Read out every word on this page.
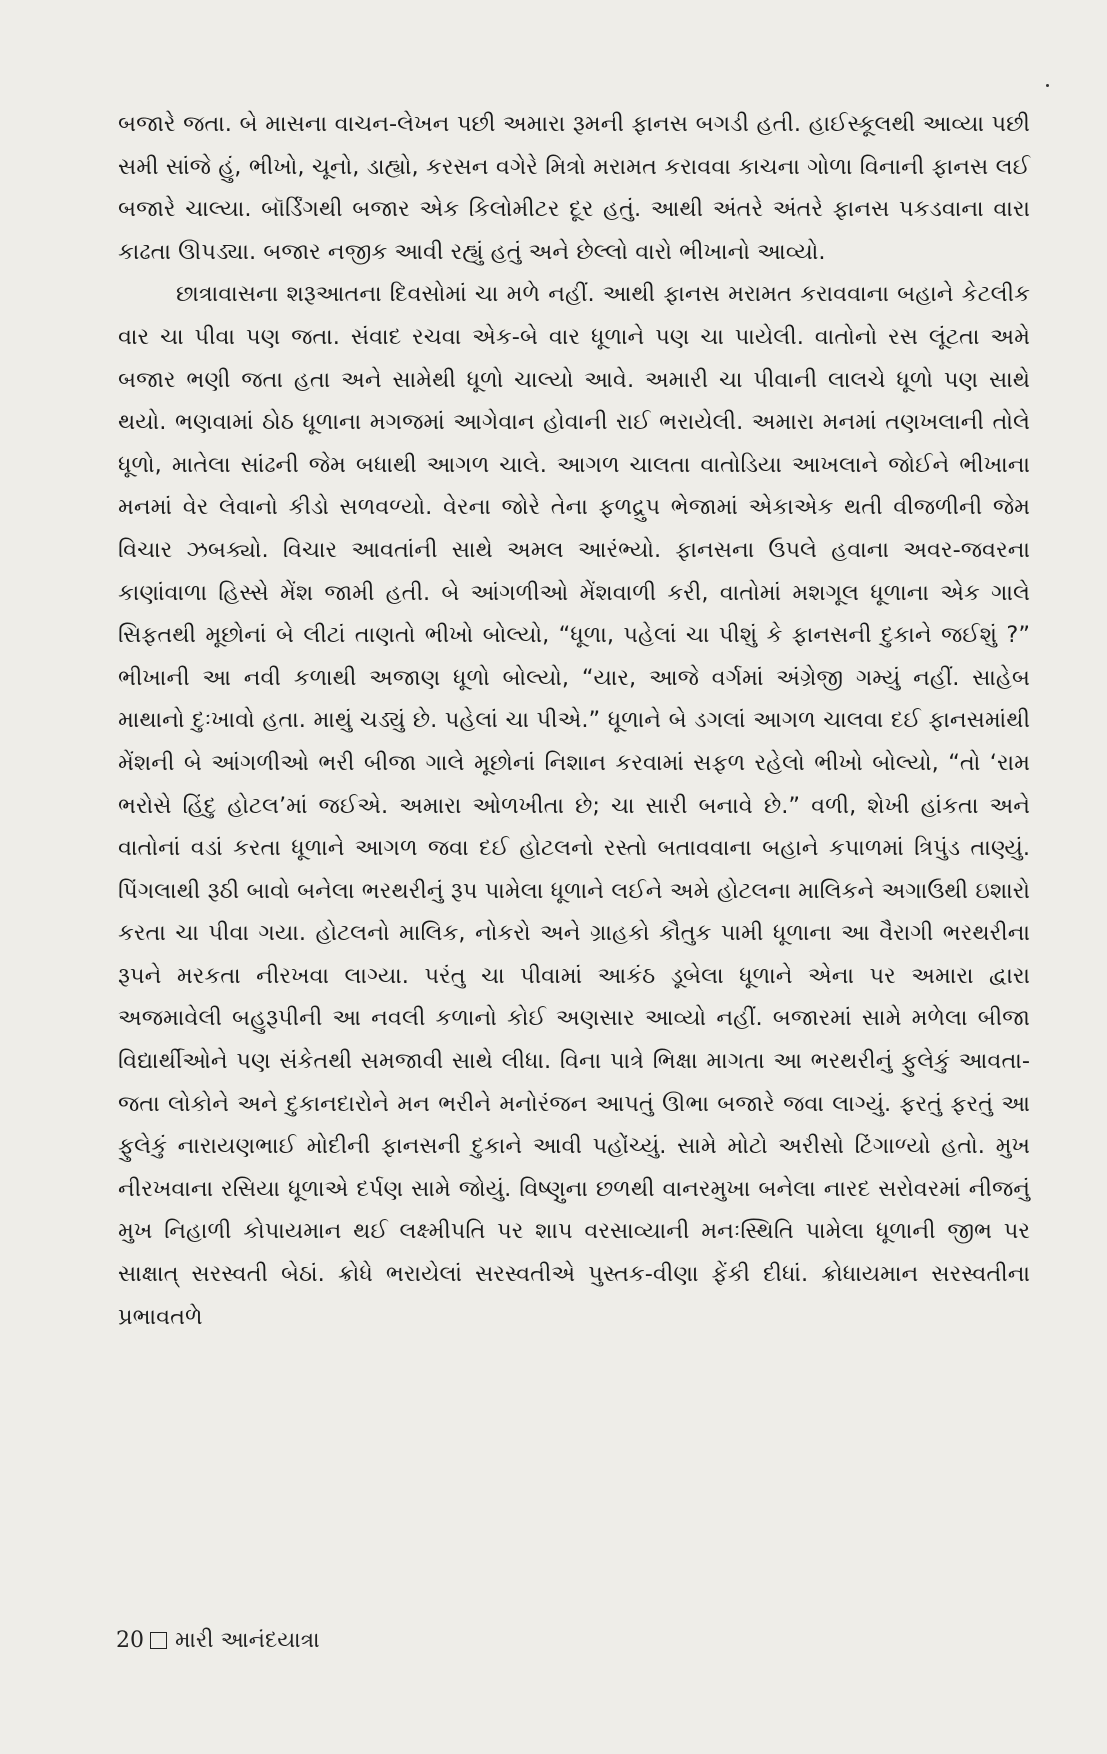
બજારે જતા. બે માસના વાચન-લેખન પછી અમારા રૂમની ફાનસ બગડી હતી. હાઈસ્કૂલથી આવ્યા પછી સમી સાંજે હું, ભીખો, ચૂનો, ડાહ્યો, કરસન વગેરે મિત્રો મરામત કરાવવા કાચના ગોળા વિનાની ફાનસ લઈ બજારે ચાલ્યા. બૉર્ડિંગથી બજાર એક કિલોમીટર દૂર હતું. આથી અંતરે અંતરે ફાનસ પકડવાના વારા કાઢતા ઊપડ્યા. બજાર નજીક આવી રહ્યું હતું અને છેલ્લો વારો ભીખાનો આવ્યો.

છાત્રાવાસના શરૂઆતના દિવસોમાં ચા મળે નહીં. આથી ફાનસ મરામત કરાવવાના બહાને કેટલીક વાર ચા પીવા પણ જતા. સંવાદ રચવા એક-બે વાર ધૂળાને પણ ચા પાયેલી. વાતોનો રસ લૂંટતા અમે બજાર ભણી જતા હતા અને સામેથી ધૂળો ચાલ્યો આવે. અમારી ચા પીવાની લાલચે ધૂળો પણ સાથે થયો. ભણવામાં ઠોઠ ધૂળાના મગજમાં આગેવાન હોવાની રાઈ ભરાયેલી. અમારા મનમાં તણખલાની તોલે ધૂળો, માતેલા સાંઢની જેમ બધાથી આગળ ચાલે. આગળ ચાલતા વાતોડિયા આખલાને જોઈને ભીખાના મનમાં વેર લેવાનો કીડો સળવળ્યો. વેરના જોરે તેના ફળદ્રુપ ભેજામાં એકાએક થતી વીજળીની જેમ વિચાર ઝબક્યો. વિચાર આવતાંની સાથે અમલ આરંભ્યો. ફાનસના ઉપલે હવાના અવર-જવરના કાણાંવાળા હિસ્સે મેંશ જામી હતી. બે આંગળીઓ મેંશવાળી કરી, વાતોમાં મશગૂલ ધૂળાના એક ગાલે સિફતથી મૂછોનાં બે લીટાં તાણતો ભીખો બોલ્યો, “ધૂળા, પહેલાં ચા પીશું કે ફાનસની દુકાને જઈશું ?” ભીખાની આ નવી કળાથી અજાણ ધૂળો બોલ્યો, “યાર, આજે વર્ગમાં અંગ્રેજી ગમ્યું નહીં. સાહેબ માથાનો દુઃખાવો હતા. માથું ચડ્યું છે. પહેલાં ચા પીએ.” ધૂળાને બે ડગલાં આગળ ચાલવા દઈ ફાનસમાંથી મેંશની બે આંગળીઓ ભરી બીજા ગાલે મૂછોનાં નિશાન કરવામાં સફળ રહેલો ભીખો બોલ્યો, “તો ‘રામ ભરોસે હિંદુ હોટલ’માં જઈએ. અમારા ઓળખીતા છે; ચા સારી બનાવે છે.” વળી, શેખી હાંકતા અને વાતોનાં વડાં કરતા ધૂળાને આગળ જવા દઈ હોટલનો રસ્તો બતાવવાના બહાને કપાળમાં ત્રિપુંડ તાણ્યું. પિંગલાથી રૂઠી બાવો બનેલા ભરથરીનું રૂપ પામેલા ધૂળાને લઈને અમે હોટલના માલિકને અગાઉથી ઇશારો કરતા ચા પીવા ગયા. હોટલનો માલિક, નોકરો અને ગ્રાહકો કૌતુક પામી ધૂળાના આ વૈરાગી ભરથરીના રૂપને મરકતા નીરખવા લાગ્યા. પરંતુ ચા પીવામાં આકંઠ ડૂબેલા ધૂળાને એના પર અમારા દ્વારા અજમાવેલી બહુરૂપીની આ નવલી કળાનો કોઈ અણસાર આવ્યો નહીં. બજારમાં સામે મળેલા બીજા વિદ્યાર્થીઓને પણ સંકેતથી સમજાવી સાથે લીધા. વિના પાત્રે ભિક્ષા માગતા આ ભરથરીનું ફુલેકું આવતા-જતા લોકોને અને દુકાનદારોને મન ભરીને મનોરંજન આપતું ઊભા બજારે જવા લાગ્યું. ફરતું ફરતું આ ફુલેકું નારાયણભાઈ મોદીની ફાનસની દુકાને આવી પહોંચ્યું. સામે મોટો અરીસો ટિંગાળ્યો હતો. મુખ નીરખવાના રસિયા ધૂળાએ દર્પણ સામે જોયું. વિષ્ણુના છળથી વાનરમુખા બનેલા નારદ સરોવરમાં નીજનું મુખ નિહાળી કોપાયમાન થઈ લક્ષ્મીપતિ પર શાપ વરસાવ્યાની મનઃસ્થિતિ પામેલા ધૂળાની જીભ પર સાક્ષાત્ સરસ્વતી બેઠાં. ક્રોધે ભરાયેલાં સરસ્વતીએ પુસ્તક-વીણા ફેંકી દીધાં. ક્રોધાયમાન સરસ્વતીના પ્રભાવતળે

20 મારી આનંદયાત્રા
